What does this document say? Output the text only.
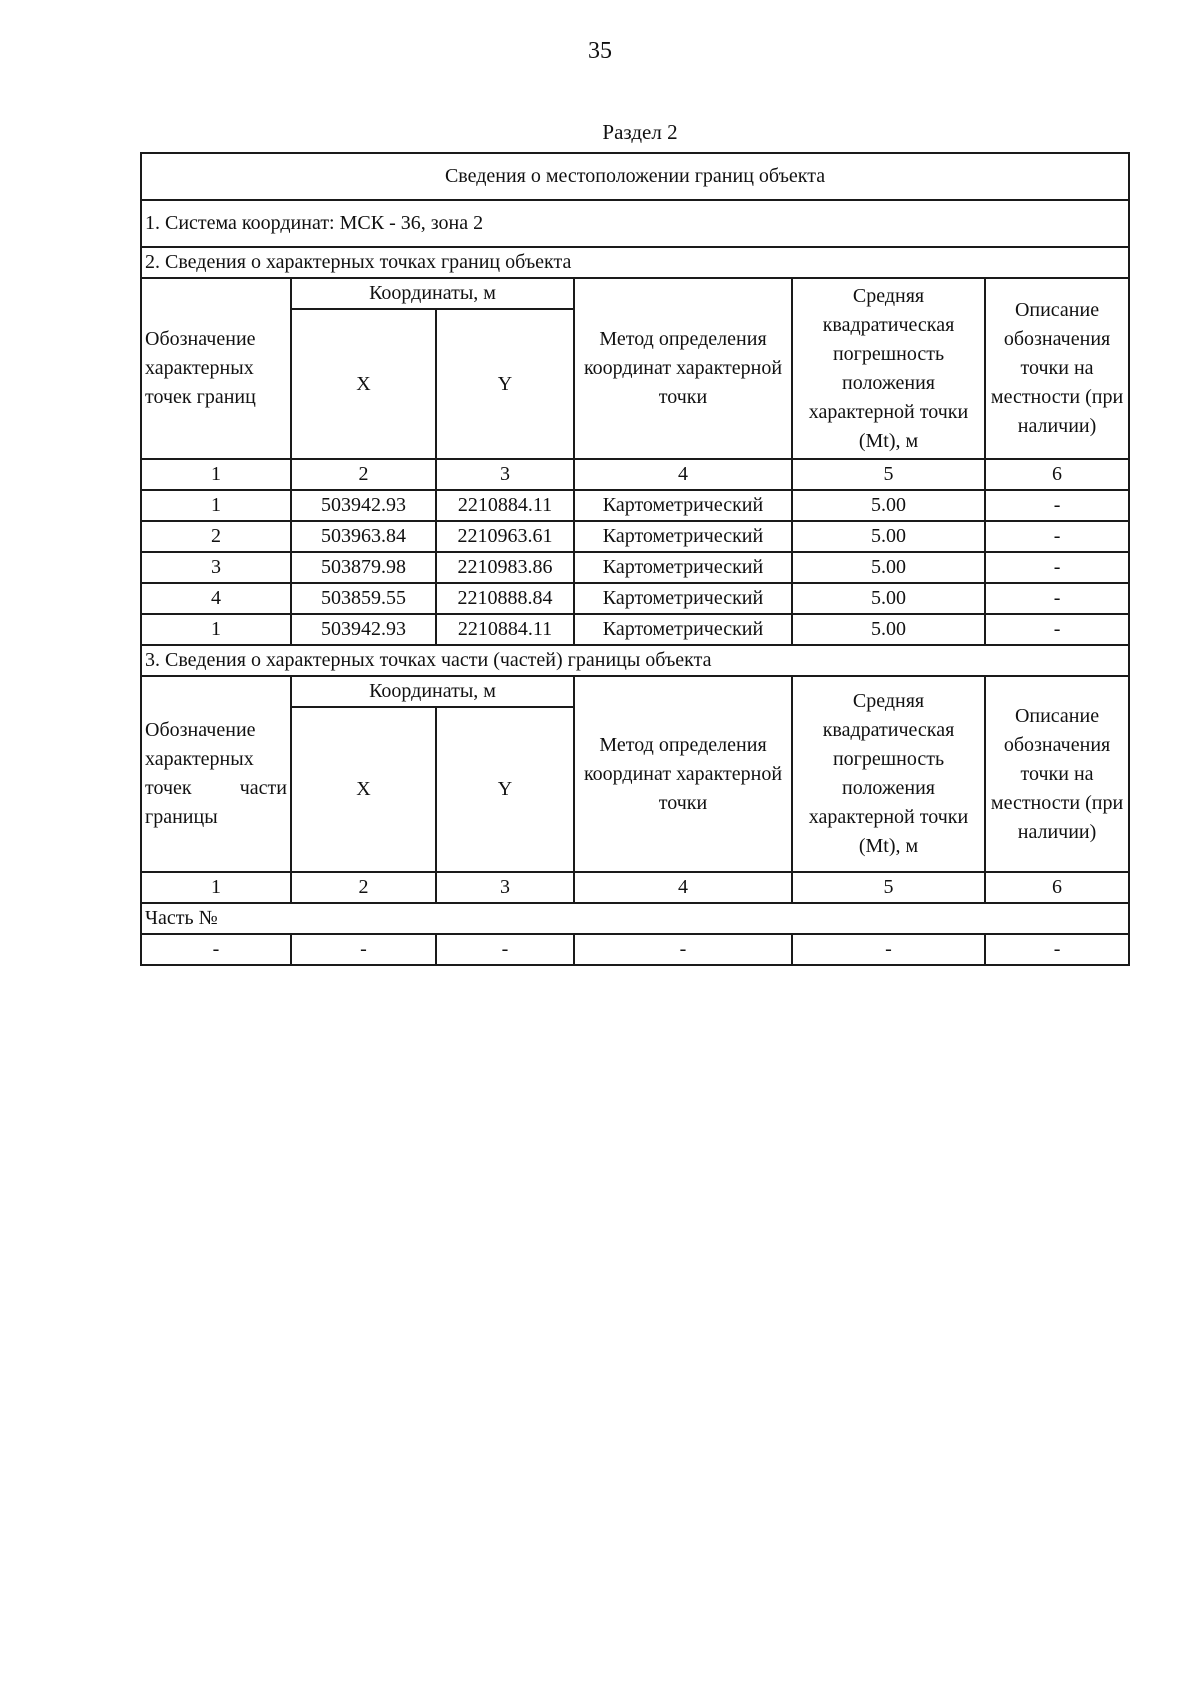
35
Раздел 2
Сведения о местоположении границ объекта					
1. Система координат: МСК - 36, зона 2					
2. Сведения о характерных точках границ объекта					
Обозначение характерных точек границ	Координаты, м		Метод определения координат характерной точки	Средняя квадратическая погрешность положения характерной точки (Mt), м	Описание обозначения точки на местности (при наличии)
	X	Y			
1	2	3	4	5	6
1	503942.93	2210884.11	Картометрический	5.00	-
2	503963.84	2210963.61	Картометрический	5.00	-
3	503879.98	2210983.86	Картометрический	5.00	-
4	503859.55	2210888.84	Картометрический	5.00	-
1	503942.93	2210884.11	Картометрический	5.00	-
3. Сведения о характерных точках части (частей) границы объекта					
Обозначение характерных точек части границы	Координаты, м		Метод определения координат характерной точки	Средняя квадратическая погрешность положения характерной точки (Mt), м	Описание обозначения точки на местности (при наличии)
	X	Y			
1	2	3	4	5	6
Часть №					
-	-	-	-	-	-
